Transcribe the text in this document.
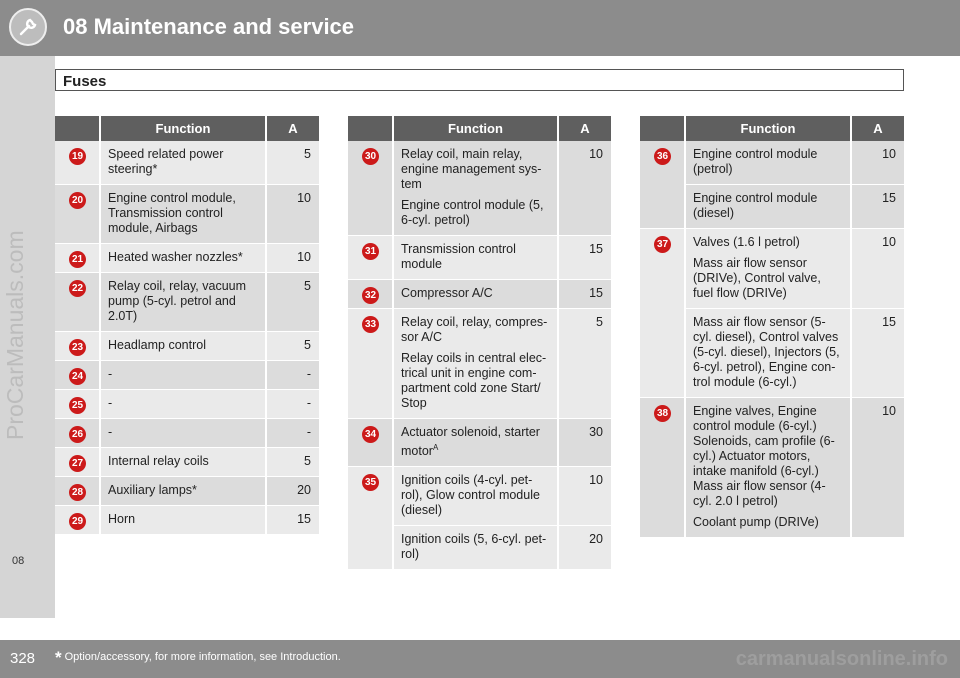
08 Maintenance and service
ProCarManuals.com
08
Fuses
	Function	A

19	Speed related power steering*	5

20	Engine control module, Transmission control module, Airbags	10

21	Heated washer nozzles*	10

22	Relay coil, relay, vacuum pump (5-cyl. petrol and 2.0T)	5

23	Headlamp control	5

24	-	-

25	-	-

26	-	-

27	Internal relay coils	5

28	Auxiliary lamps*	20

29	Horn	15
	Function	A

30	Relay coil, main relay, engine management sys-tem
Engine control module (5, 6-cyl. petrol)	10

31	Transmission control module	15

32	Compressor A/C	15

33	Relay coil, relay, compres-sor A/C
Relay coils in central elec-trical unit in engine com-partment cold zone Start/ Stop	5

34	Actuator solenoid, starter motor$^A$	30

35	Ignition coils (4-cyl. pet-rol), Glow control module (diesel)	10
	Ignition coils (5, 6-cyl. pet-rol)	20
	Function	A

36	Engine control module (petrol)	10
	Engine control module (diesel)	15

37	Valves (1.6 l petrol)
Mass air flow sensor (DRIVe), Control valve, fuel flow (DRIVe)	10
	Mass air flow sensor (5-cyl. diesel), Control valves (5-cyl. diesel), Injectors (5, 6-cyl. petrol), Engine con-trol module (6-cyl.)	15

38	Engine valves, Engine control module (6-cyl.) Solenoids, cam profile (6-cyl.) Actuator motors, intake manifold (6-cyl.) Mass air flow sensor (4-cyl. 2.0 l petrol)
Coolant pump (DRIVe)	10
328 * Option/accessory, for more information, see Introduction.	carmanualsonline.info
